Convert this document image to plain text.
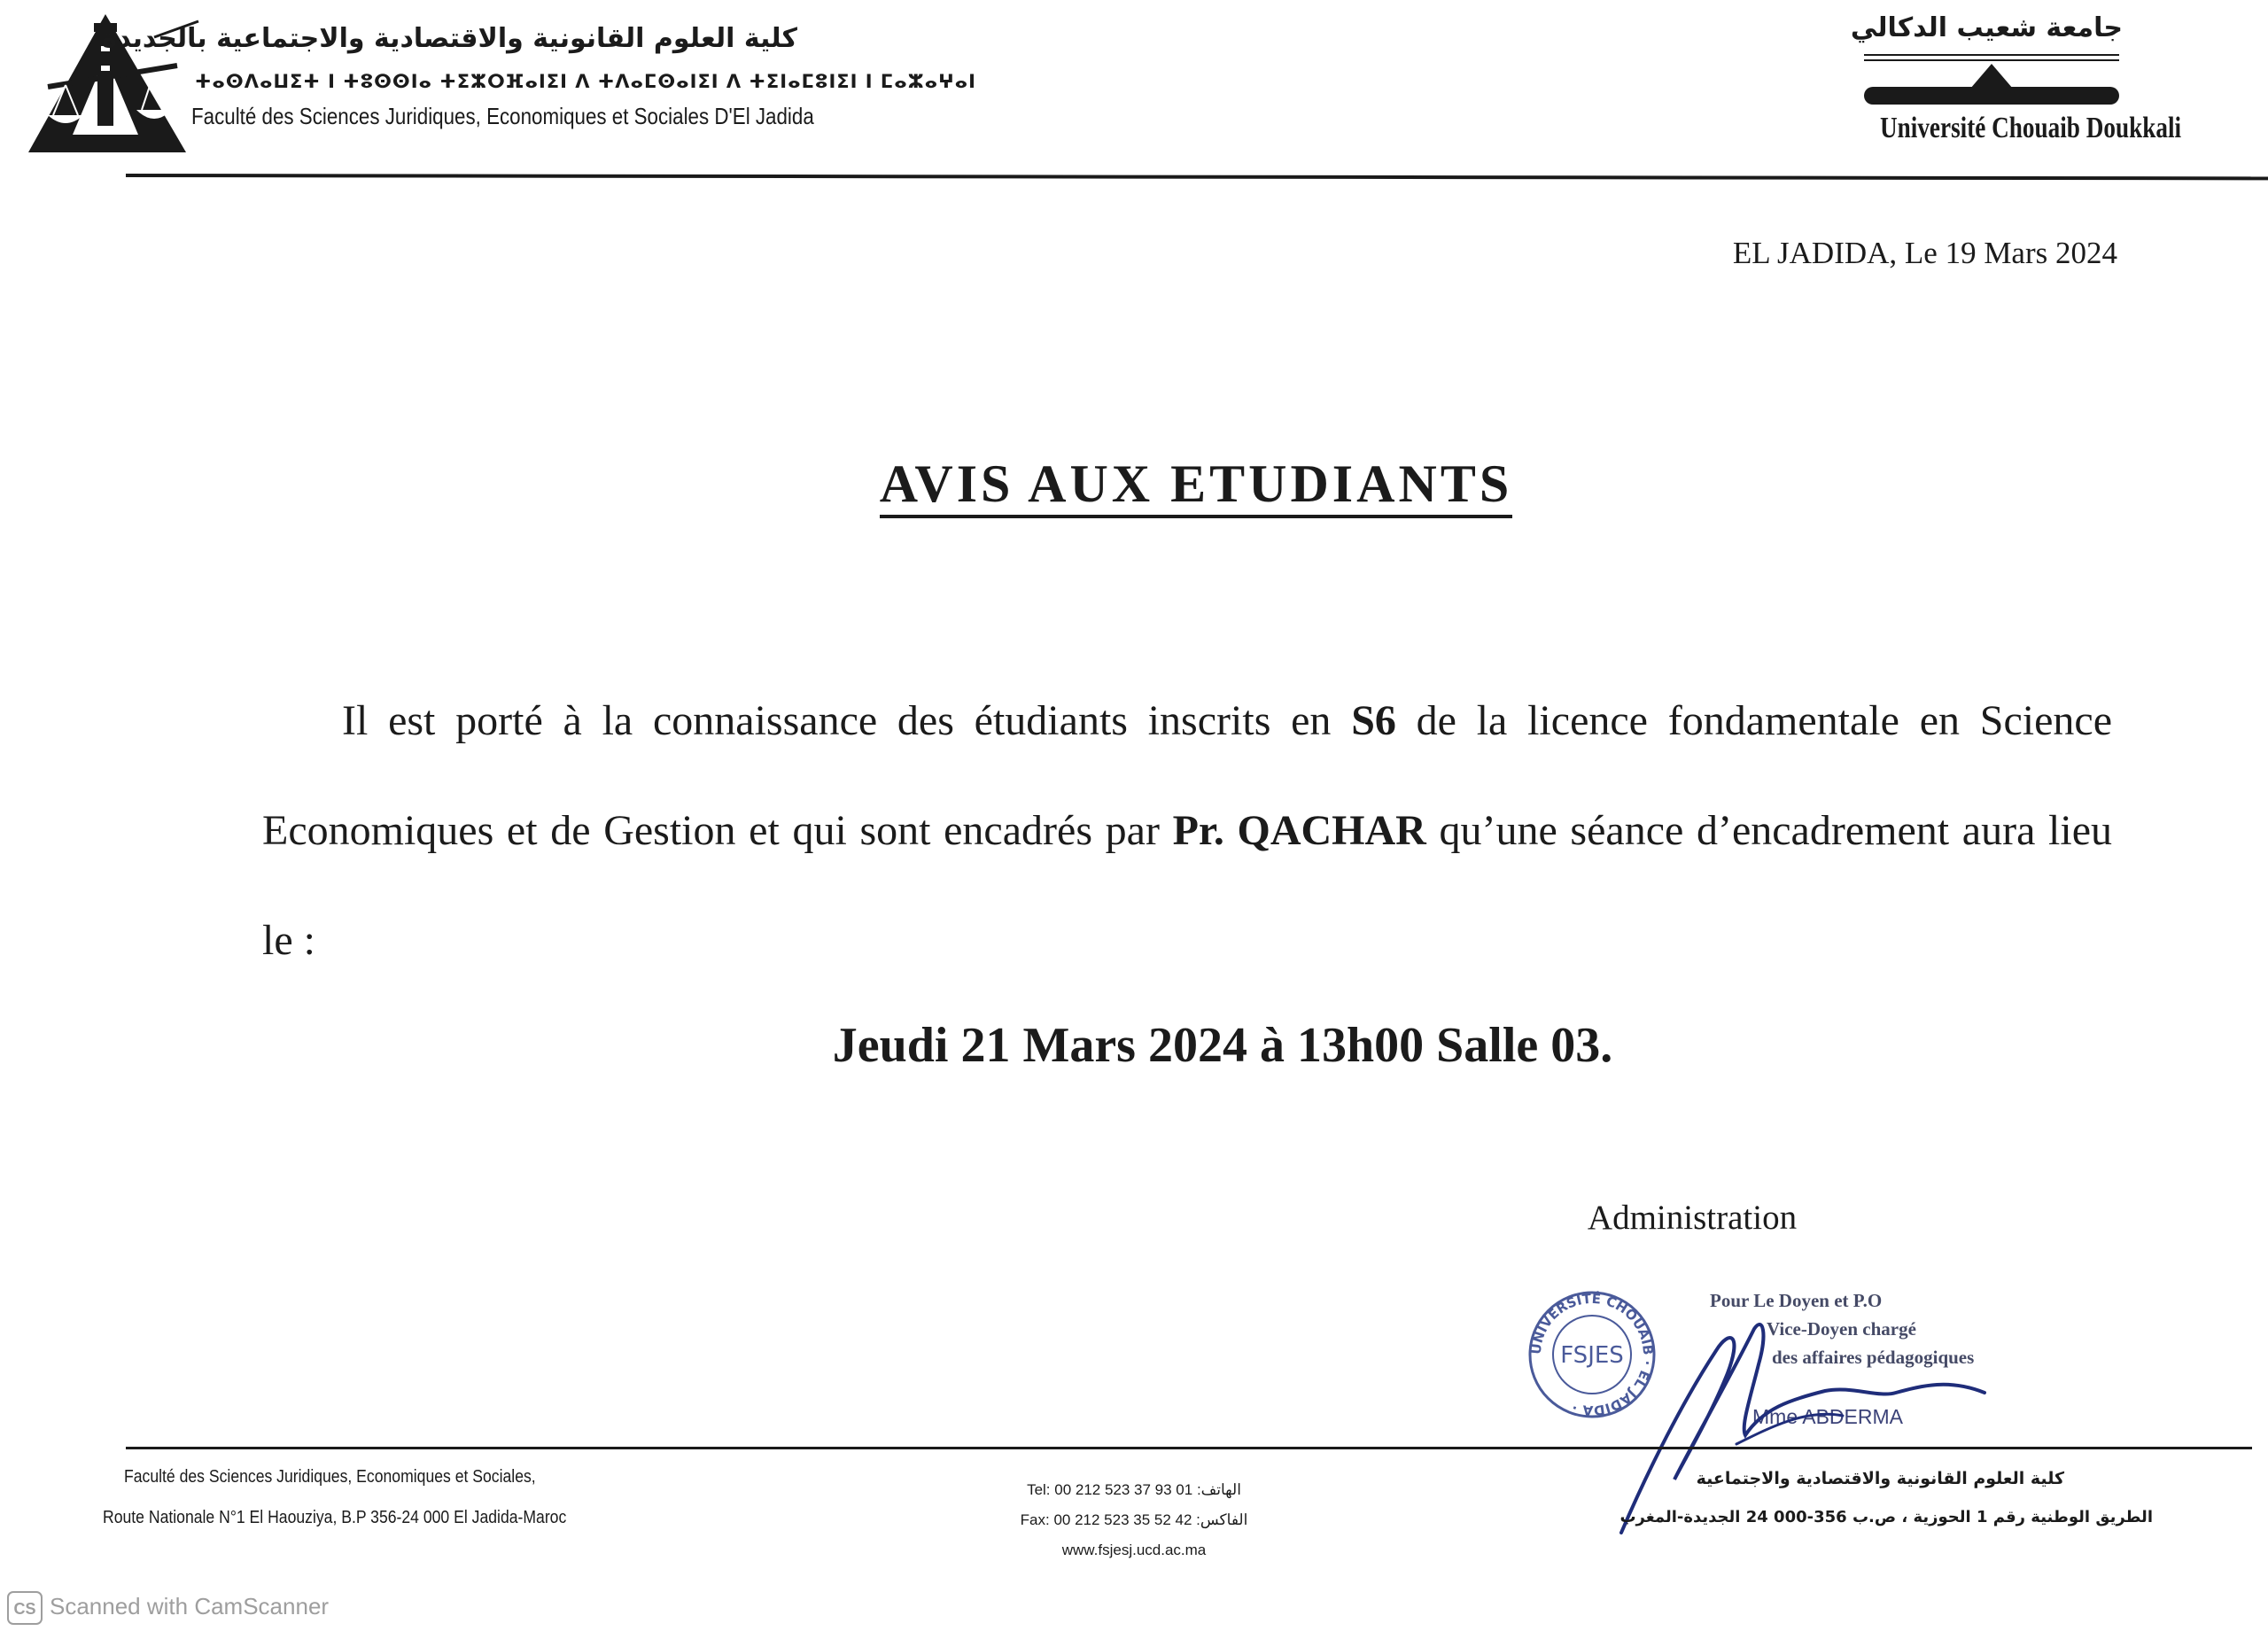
كلية العلوم القانونية والاقتصادية والاجتماعية بالجديدة
ⵜⴰⵙⴷⴰⵡⵉⵜ ⵏ ⵜⵓⵙⵙⵏⴰ ⵜⵉⵣⵔⴼⴰⵏⵉⵏ ⴷ ⵜⴷⴰⵎⵙⴰⵏⵉⵏ ⴷ ⵜⵉⵏⴰⵎⵓⵏⵉⵏ ⵏ ⵎⴰⵣⴰⵖⴰⵏ
Faculté des Sciences Juridiques, Economiques et Sociales D'El Jadida
جامعة شعيب الدكالي
Université Chouaib Doukkali
EL JADIDA, Le 19 Mars 2024
AVIS AUX ETUDIANTS
Il est porté à la connaissance des étudiants inscrits en S6 de la licence fondamentale en Science Economiques et de Gestion et qui sont encadrés par Pr. QACHAR qu’une séance d’encadrement aura lieu le :
Jeudi 21 Mars 2024 à 13h00 Salle 03.
Administration
UNIVERSITÉ CHOUAIB · EL JADIDA ·
FSJES
Pour Le Doyen et P.O
Vice-Doyen chargé
des affaires pédagogiques
Mme ABDERMA
Faculté des Sciences Juridiques, Economiques et Sociales,
Route Nationale N°1 El Haouziya, B.P 356-24 000 El Jadida-Maroc
Tel: 00 212 523 37 93 01 :الهاتف
Fax: 00 212 523 35 52 42 :الفاكس
www.fsjesj.ucd.ac.ma
كلية العلوم القانونية والاقتصادية والاجتماعية
الطريق الوطنية رقم 1 الحوزية ، ص.ب 356-000 24 الجديدة-المغرب
CS Scanned with CamScanner
